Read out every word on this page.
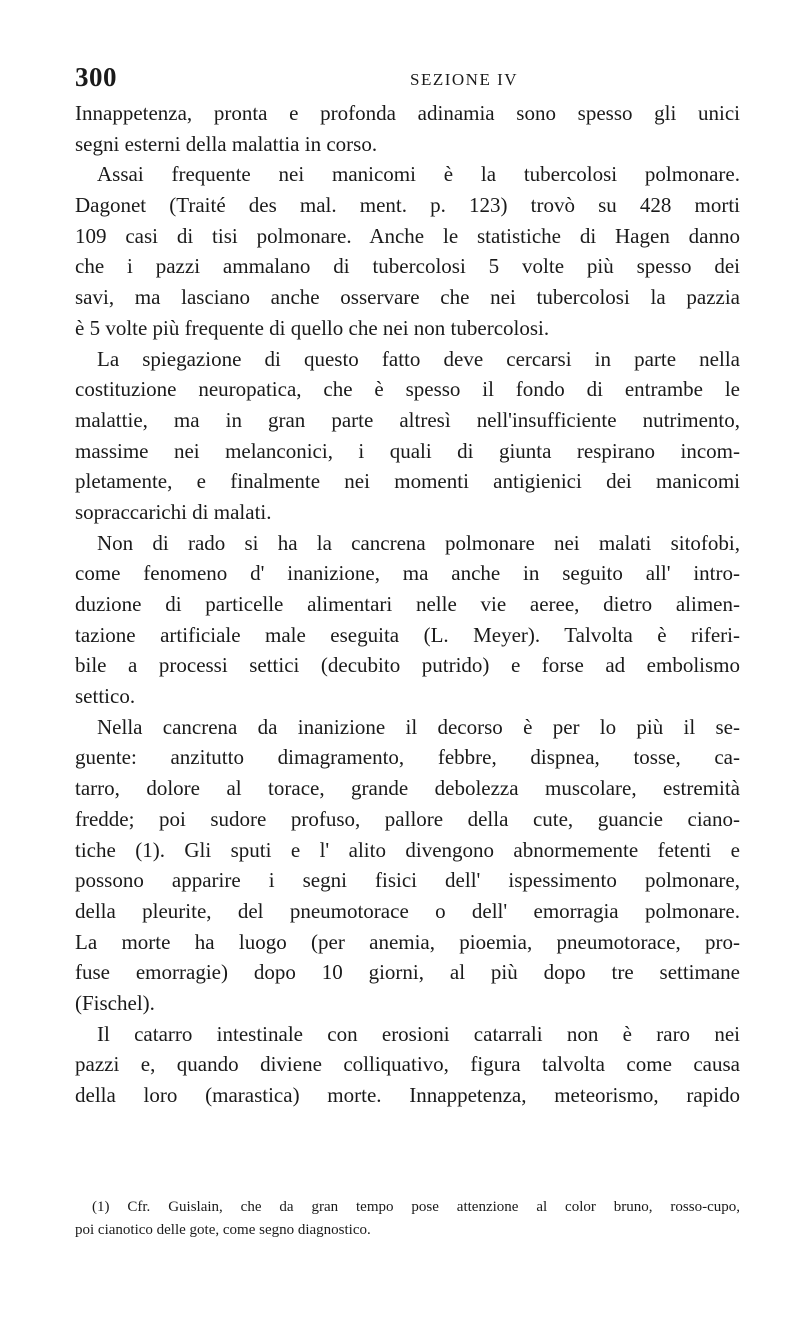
300	SEZIONE IV
Innappetenza, pronta e profonda adinamia sono spesso gli unici
segni esterni della malattia in corso.
Assai frequente nei manicomi è la tubercolosi polmonare.
Dagonet (Traité des mal. ment. p. 123) trovò su 428 morti
109 casi di tisi polmonare. Anche le statistiche di Hagen danno
che i pazzi ammalano di tubercolosi 5 volte più spesso dei
savi, ma lasciano anche osservare che nei tubercolosi la pazzia
è 5 volte più frequente di quello che nei non tubercolosi.
La spiegazione di questo fatto deve cercarsi in parte nella
costituzione neuropatica, che è spesso il fondo di entrambe le
malattie, ma in gran parte altresì nell'insufficiente nutrimento,
massime nei melanconici, i quali di giunta respirano incom-
pletamente, e finalmente nei momenti antigienici dei manicomi
sopraccarichi di malati.
Non di rado si ha la cancrena polmonare nei malati sitofobi,
come fenomeno d' inanizione, ma anche in seguito all' intro-
duzione di particelle alimentari nelle vie aeree, dietro alimen-
tazione artificiale male eseguita (L. Meyer). Talvolta è riferi-
bile a processi settici (decubito putrido) e forse ad embolismo
settico.
Nella cancrena da inanizione il decorso è per lo più il se-
guente: anzitutto dimagramento, febbre, dispnea, tosse, ca-
tarro, dolore al torace, grande debolezza muscolare, estremità
fredde; poi sudore profuso, pallore della cute, guancie ciano-
tiche (1). Gli sputi e l' alito divengono abnormemente fetenti e
possono apparire i segni fisici dell' ispessimento polmonare,
della pleurite, del pneumotorace o dell' emorragia polmonare.
La morte ha luogo (per anemia, pioemia, pneumotorace, pro-
fuse emorragie) dopo 10 giorni, al più dopo tre settimane
(Fischel).
Il catarro intestinale con erosioni catarrali non è raro nei
pazzi e, quando diviene colliquativo, figura talvolta come causa
della loro (marastica) morte. Innappetenza, meteorismo, rapido
(1) Cfr. Guislain, che da gran tempo pose attenzione al color bruno, rosso-cupo,
poi cianotico delle gote, come segno diagnostico.
